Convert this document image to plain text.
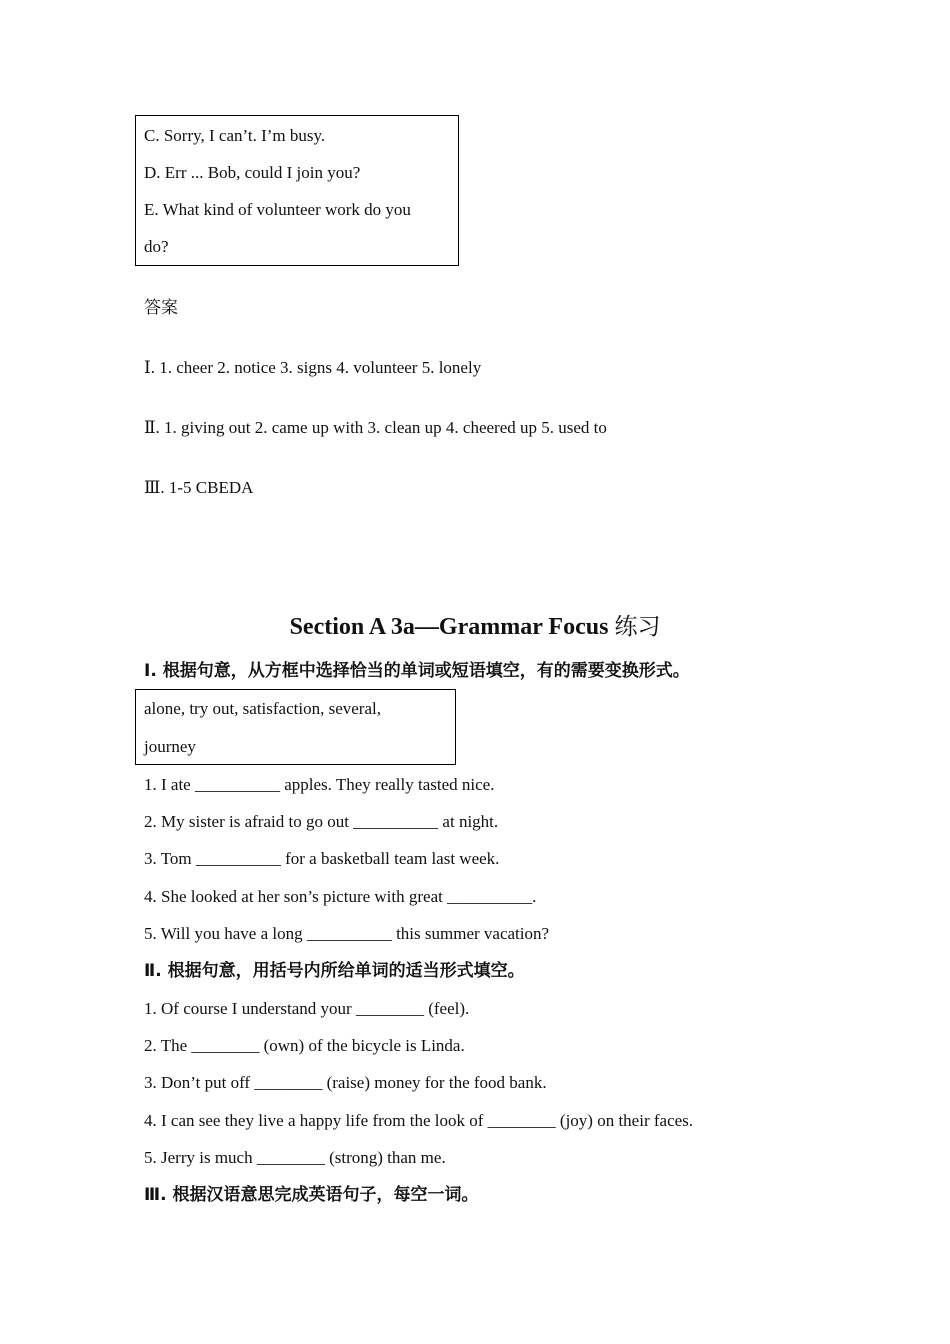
C. Sorry, I can’t. I’m busy.
D. Err ... Bob, could I join you?
E. What kind of volunteer work do you
do?
答案
Ⅰ. 1. cheer 2. notice 3. signs 4. volunteer 5. lonely
Ⅱ. 1. giving out 2. came up with 3. clean up 4. cheered up 5. used to
Ⅲ. 1-5 CBEDA
Section A 3a—Grammar Focus 练习
Ⅰ. 根据句意，从方框中选择恰当的单词或短语填空，有的需要变换形式。
alone, try out, satisfaction, several,
journey
1. I ate __________ apples. They really tasted nice.
2. My sister is afraid to go out __________ at night.
3. Tom __________ for a basketball team last week.
4. She looked at her son’s picture with great __________.
5. Will you have a long __________ this summer vacation?
Ⅱ. 根据句意，用括号内所给单词的适当形式填空。
1. Of course I understand your ________ (feel).
2. The ________ (own) of the bicycle is Linda.
3. Don’t put off ________ (raise) money for the food bank.
4. I can see they live a happy life from the look of ________ (joy) on their faces.
5. Jerry is much ________ (strong) than me.
Ⅲ. 根据汉语意思完成英语句子，每空一词。
